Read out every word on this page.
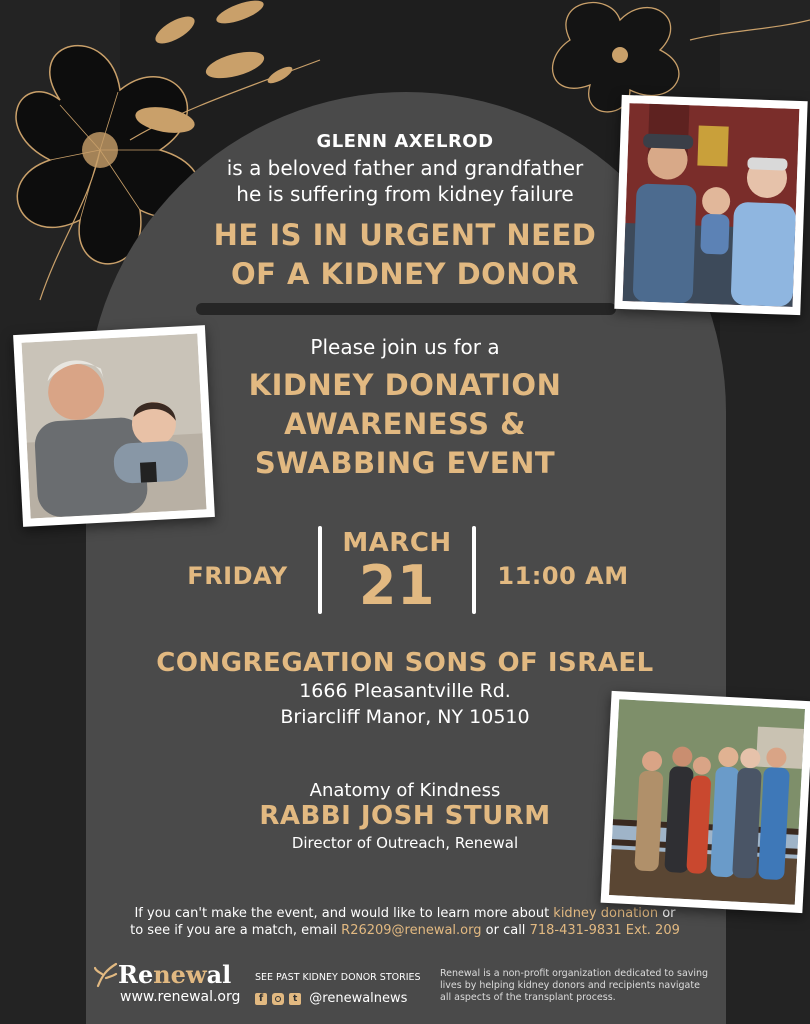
GLENN AXELROD
is a beloved father and grandfather
he is suffering from kidney failure
HE IS IN URGENT NEED
OF A KIDNEY DONOR
Please join us for a
KIDNEY DONATION
AWARENESS &
SWABBING EVENT
FRIDAY
MARCH
21	11:00 AM
CONGREGATION SONS OF ISRAEL
1666 Pleasantville Rd.
Briarcliff Manor, NY 10510
Anatomy of Kindness
RABBI JOSH STURM
Director of Outreach, Renewal
If you can't make the event, and would like to learn more about kidney donation or
to see if you are a match, email R26209@renewal.org or call 718-431-9831 Ext. 209
Renewal
www.renewal.org
SEE PAST KIDNEY DONOR STORIES
f	t @renewalnews
Renewal is a non-profit organization dedicated to saving lives by helping kidney donors and recipients navigate all aspects of the transplant process.
